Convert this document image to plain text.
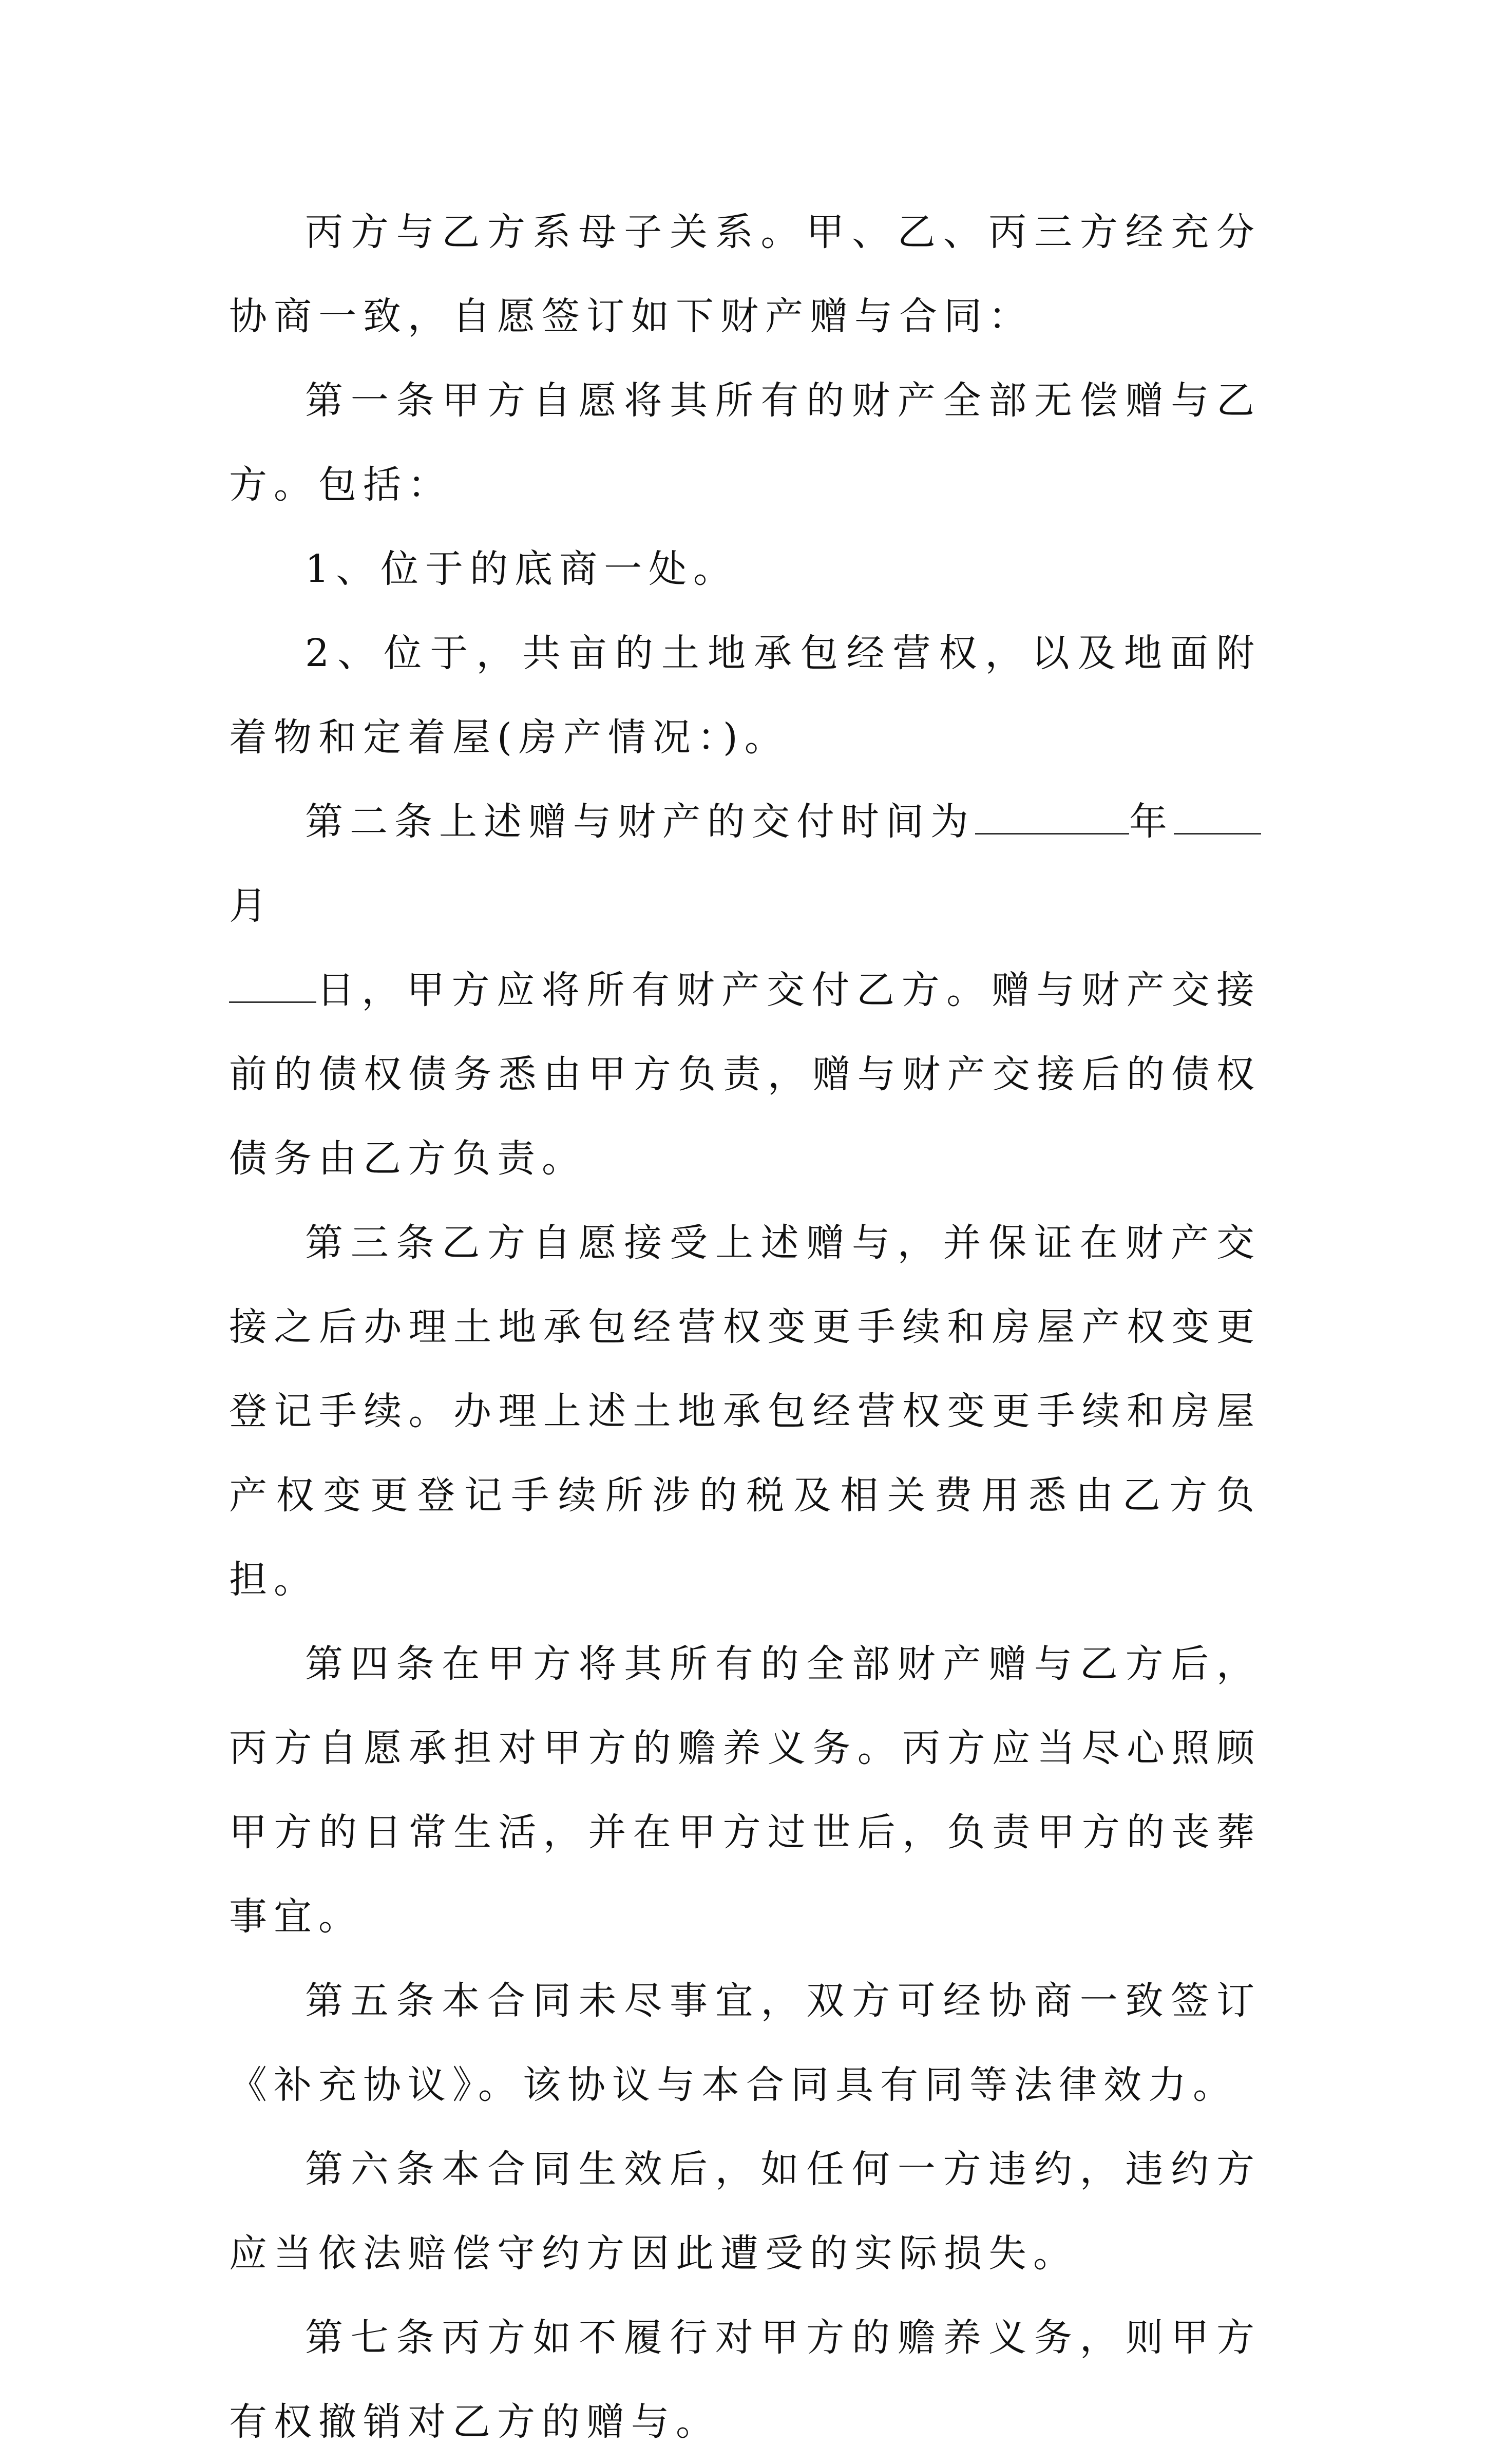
丙方与乙方系母子关系。甲、乙、丙三方经充分协商一致，自愿签订如下财产赠与合同：

第一条甲方自愿将其所有的财产全部无偿赠与乙方。包括：

1、位于的底商一处。

2、位于，共亩的土地承包经营权，以及地面附着物和定着屋(房产情况：)。

第二条上述赠与财产的交付时间为	年月
日，甲方应将所有财产交付乙方。赠与财产交接前的债权债务悉由甲方负责，赠与财产交接后的债权债务由乙方负责。

第三条乙方自愿接受上述赠与，并保证在财产交接之后办理土地承包经营权变更手续和房屋产权变更登记手续。办理上述土地承包经营权变更手续和房屋产权变更登记手续所涉的税及相关费用悉由乙方负担。

第四条在甲方将其所有的全部财产赠与乙方后，丙方自愿承担对甲方的赡养义务。丙方应当尽心照顾甲方的日常生活，并在甲方过世后，负责甲方的丧葬事宜。

第五条本合同未尽事宜，双方可经协商一致签订《补充协议》。该协议与本合同具有同等法律效力。

第六条本合同生效后，如任何一方违约，违约方应当依法赔偿守约方因此遭受的实际损失。

第七条丙方如不履行对甲方的赡养义务，则甲方有权撤销对乙方的赠与。
